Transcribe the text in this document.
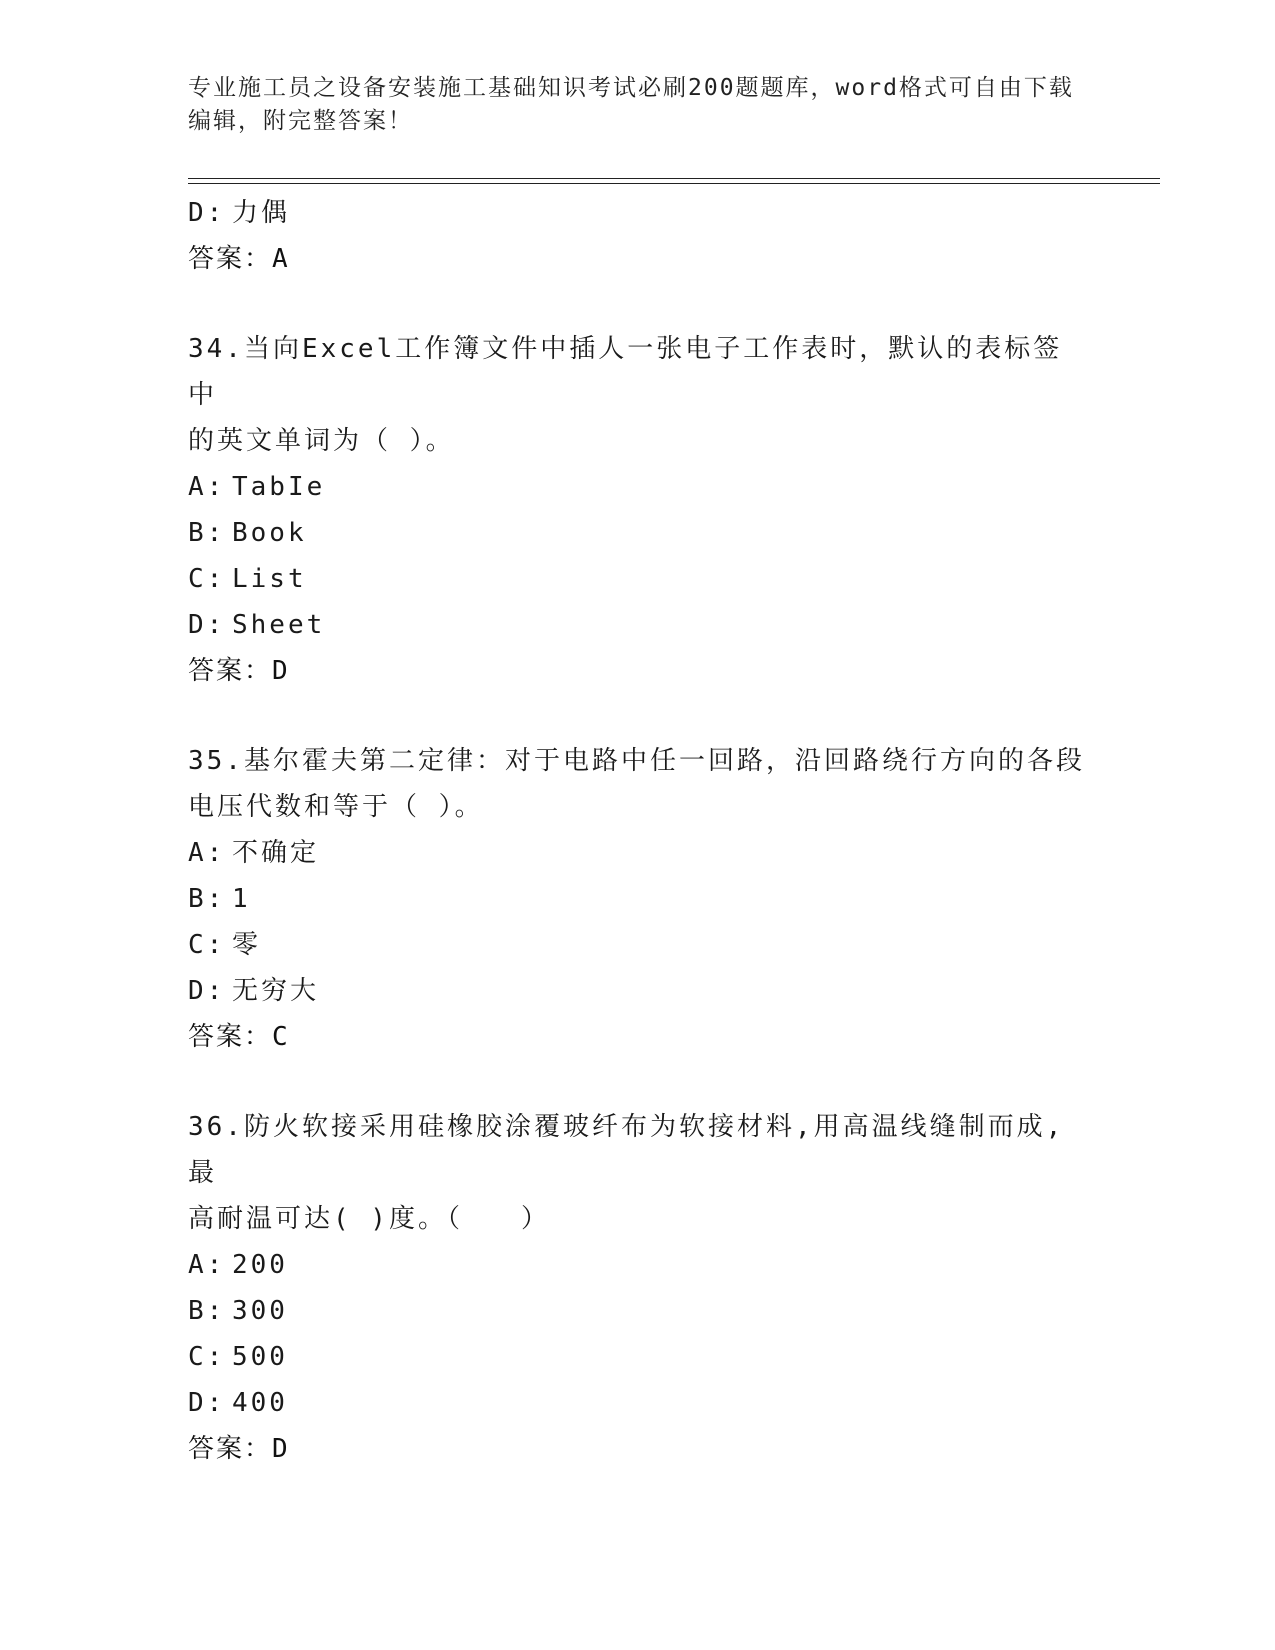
专业施工员之设备安装施工基础知识考试必刷200题题库，word格式可自由下载
编辑，附完整答案！
D: 力偶
答案：A
34.当向Excel工作簿文件中插人一张电子工作表时，默认的表标签中
的英文单词为（ ）。
A: TabIe
B: Book
C: List
D: Sheet
答案：D
35.基尔霍夫第二定律：对于电路中任一回路，沿回路绕行方向的各段
电压代数和等于（ ）。
A: 不确定
B: 1
C: 零
D: 无穷大
答案：C
36.防火软接采用硅橡胶涂覆玻纤布为软接材料,用高温线缝制而成,最
高耐温可达( )度。（　　）
A: 200
B: 300
C: 500
D: 400
答案：D
